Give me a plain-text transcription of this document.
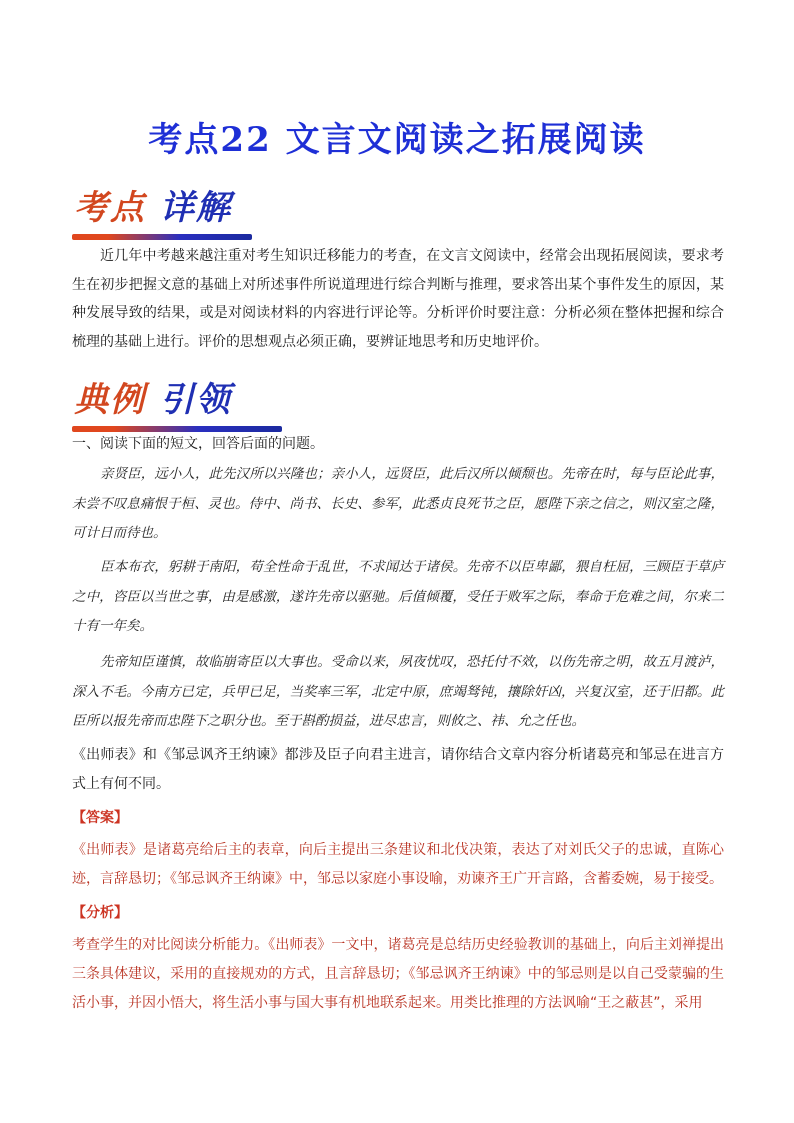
考点22 文言文阅读之拓展阅读
考点 详解
近几年中考越来越注重对考生知识迁移能力的考查，在文言文阅读中，经常会出现拓展阅读，要求考生在初步把握文意的基础上对所述事件所说道理进行综合判断与推理，要求答出某个事件发生的原因，某种发展导致的结果，或是对阅读材料的内容进行评论等。分析评价时要注意：分析必须在整体把握和综合梳理的基础上进行。评价的思想观点必须正确，要辨证地思考和历史地评价。
典例 引领
一、阅读下面的短文，回答后面的问题。
亲贤臣，远小人，此先汉所以兴隆也；亲小人，远贤臣，此后汉所以倾颓也。先帝在时，每与臣论此事，未尝不叹息痛恨于桓、灵也。侍中、尚书、长史、参军，此悉贞良死节之臣，愿陛下亲之信之，则汉室之隆，可计日而待也。
臣本布衣，躬耕于南阳，苟全性命于乱世，不求闻达于诸侯。先帝不以臣卑鄙，猥自枉屈，三顾臣于草庐之中，咨臣以当世之事，由是感激，遂许先帝以驱驰。后值倾覆，受任于败军之际，奉命于危难之间，尔来二十有一年矣。
先帝知臣谨慎，故临崩寄臣以大事也。受命以来，夙夜忧叹，恐托付不效，以伤先帝之明，故五月渡泸，深入不毛。今南方已定，兵甲已足，当奖率三军，北定中原，庶竭驽钝，攘除奸凶，兴复汉室，还于旧都。此臣所以报先帝而忠陛下之职分也。至于斟酌损益，进尽忠言，则攸之、祎、允之任也。
《出师表》和《邹忌讽齐王纳谏》都涉及臣子向君主进言，请你结合文章内容分析诸葛亮和邹忌在进言方式上有何不同。
【答案】
《出师表》是诸葛亮给后主的表章，向后主提出三条建议和北伐决策，表达了对刘氏父子的忠诚，直陈心迹，言辞恳切；《邹忌讽齐王纳谏》中，邹忌以家庭小事设喻，劝谏齐王广开言路，含蓄委婉，易于接受。
【分析】
考查学生的对比阅读分析能力。《出师表》一文中，诸葛亮是总结历史经验教训的基础上，向后主刘禅提出三条具体建议，采用的直接规劝的方式，且言辞恳切；《邹忌讽齐王纳谏》中的邹忌则是以自己受蒙骗的生活小事，并因小悟大，将生活小事与国大事有机地联系起来。用类比推理的方法讽喻“王之蔽甚”，采用
